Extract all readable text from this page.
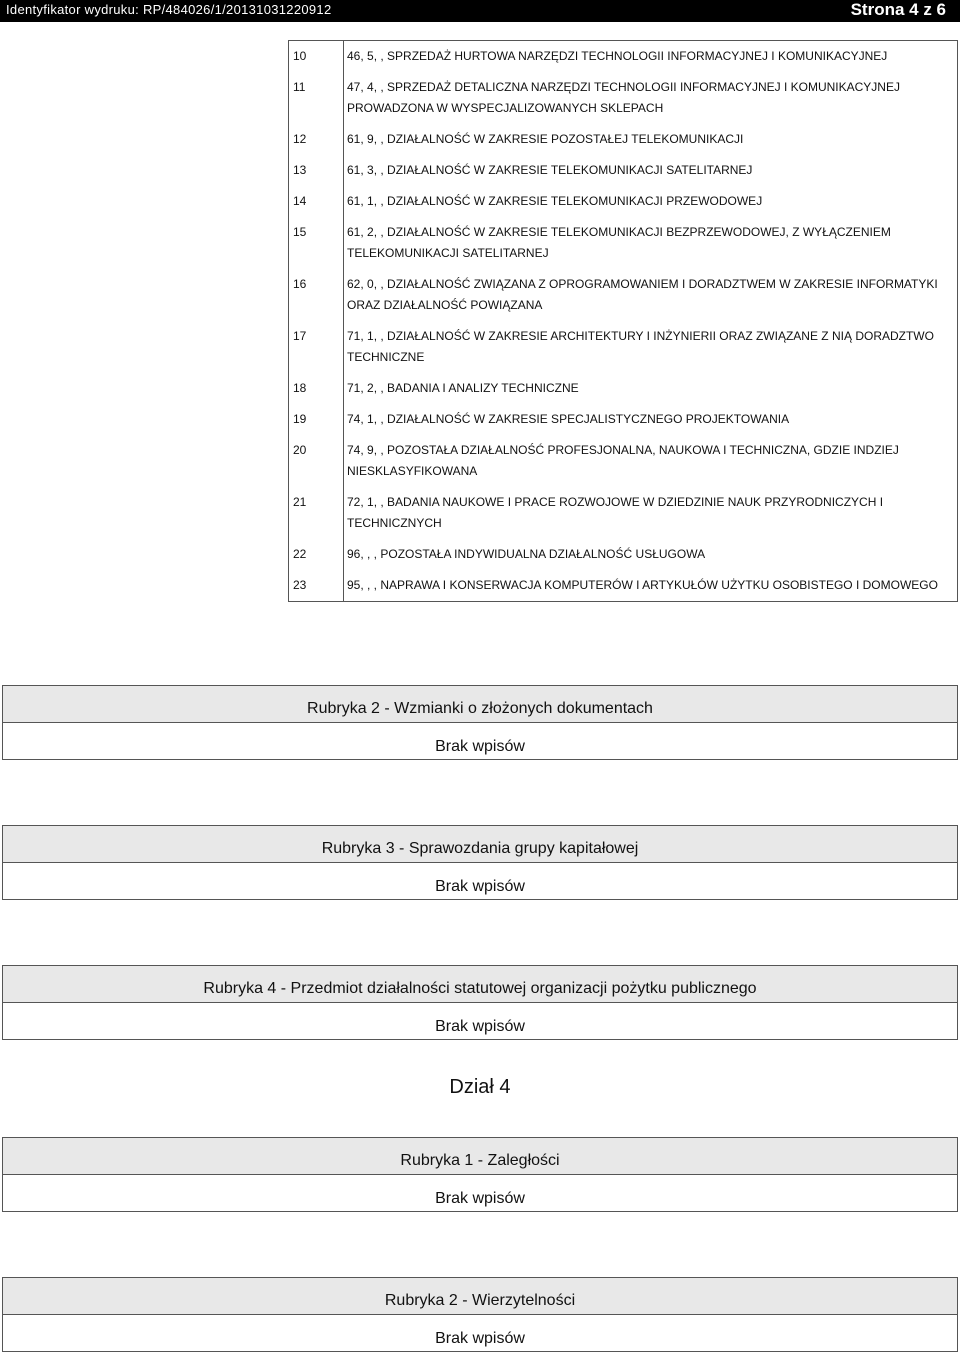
Identyfikator wydruku: RP/484026/1/20131031220912	Strona 4 z 6
10	46, 5, , SPRZEDAŻ HURTOWA NARZĘDZI TECHNOLOGII INFORMACYJNEJ I KOMUNIKACYJNEJ
11	47, 4, , SPRZEDAŻ DETALICZNA NARZĘDZI TECHNOLOGII INFORMACYJNEJ I KOMUNIKACYJNEJ PROWADZONA W WYSPECJALIZOWANYCH SKLEPACH
12	61, 9, , DZIAŁALNOŚĆ W ZAKRESIE POZOSTAŁEJ TELEKOMUNIKACJI
13	61, 3, , DZIAŁALNOŚĆ W ZAKRESIE TELEKOMUNIKACJI SATELITARNEJ
14	61, 1, , DZIAŁALNOŚĆ W ZAKRESIE TELEKOMUNIKACJI PRZEWODOWEJ
15	61, 2, , DZIAŁALNOŚĆ W ZAKRESIE TELEKOMUNIKACJI BEZPRZEWODOWEJ, Z WYŁĄCZENIEM TELEKOMUNIKACJI SATELITARNEJ
16	62, 0, , DZIAŁALNOŚĆ ZWIĄZANA Z OPROGRAMOWANIEM I DORADZTWEM W ZAKRESIE INFORMATYKI ORAZ DZIAŁALNOŚĆ POWIĄZANA
17	71, 1, , DZIAŁALNOŚĆ W ZAKRESIE ARCHITEKTURY I INŻYNIERII ORAZ ZWIĄZANE Z NIĄ DORADZTWO TECHNICZNE
18	71, 2, , BADANIA I ANALIZY TECHNICZNE
19	74, 1, , DZIAŁALNOŚĆ W ZAKRESIE SPECJALISTYCZNEGO PROJEKTOWANIA
20	74, 9, , POZOSTAŁA DZIAŁALNOŚĆ PROFESJONALNA, NAUKOWA I TECHNICZNA, GDZIE INDZIEJ NIESKLASYFIKOWANA
21	72, 1, , BADANIA NAUKOWE I PRACE ROZWOJOWE W DZIEDZINIE NAUK PRZYRODNICZYCH I TECHNICZNYCH
22	96, , , POZOSTAŁA INDYWIDUALNA DZIAŁALNOŚĆ USŁUGOWA
23	95, , , NAPRAWA I KONSERWACJA KOMPUTERÓW I ARTYKUŁÓW UŻYTKU OSOBISTEGO I DOMOWEGO
Rubryka 2 - Wzmianki o złożonych dokumentach
Brak wpisów
Rubryka 3 - Sprawozdania grupy kapitałowej
Brak wpisów
Rubryka 4 - Przedmiot działalności statutowej organizacji pożytku publicznego
Brak wpisów
Dział 4
Rubryka 1 - Zaległości
Brak wpisów
Rubryka 2 - Wierzytelności
Brak wpisów
